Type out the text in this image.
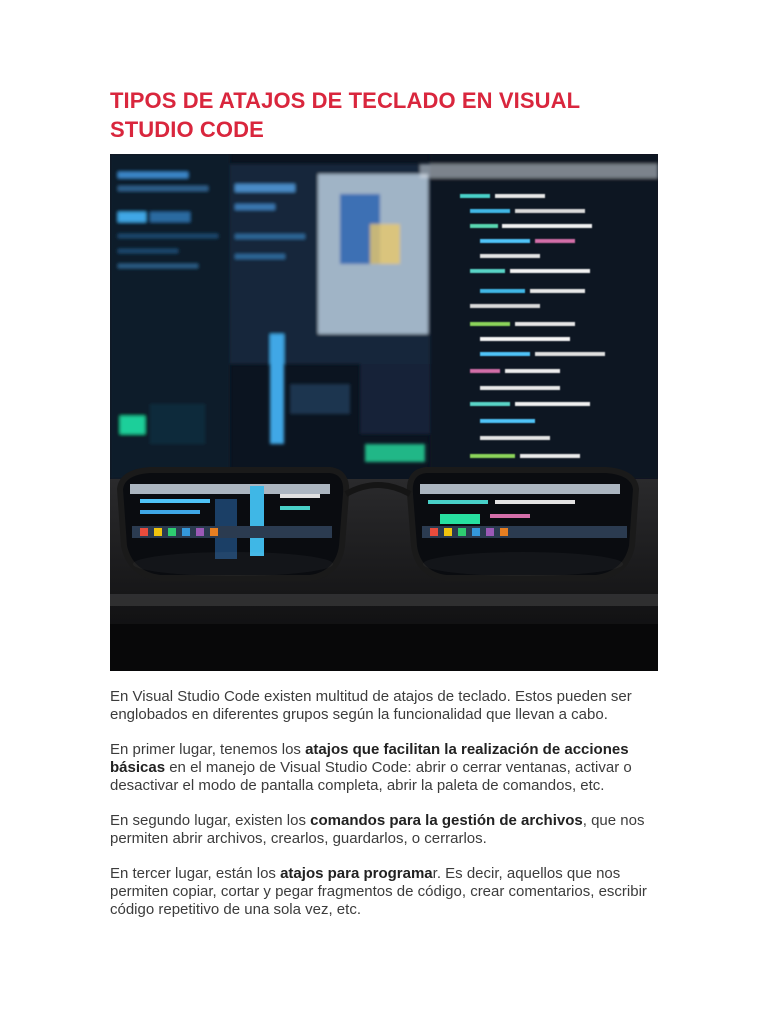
TIPOS DE ATAJOS DE TECLADO EN VISUAL STUDIO CODE

En Visual Studio Code existen multitud de atajos de teclado. Estos pueden ser englobados en diferentes grupos según la funcionalidad que llevan a cabo.

En primer lugar, tenemos los atajos que facilitan la realización de acciones básicas en el manejo de Visual Studio Code: abrir o cerrar ventanas, activar o desactivar el modo de pantalla completa, abrir la paleta de comandos, etc.

En segundo lugar, existen los comandos para la gestión de archivos, que nos permiten abrir archivos, crearlos, guardarlos, o cerrarlos.

En tercer lugar, están los atajos para programar. Es decir, aquellos que nos permiten copiar, cortar y pegar fragmentos de código, crear comentarios, escribir código repetitivo de una sola vez, etc.
